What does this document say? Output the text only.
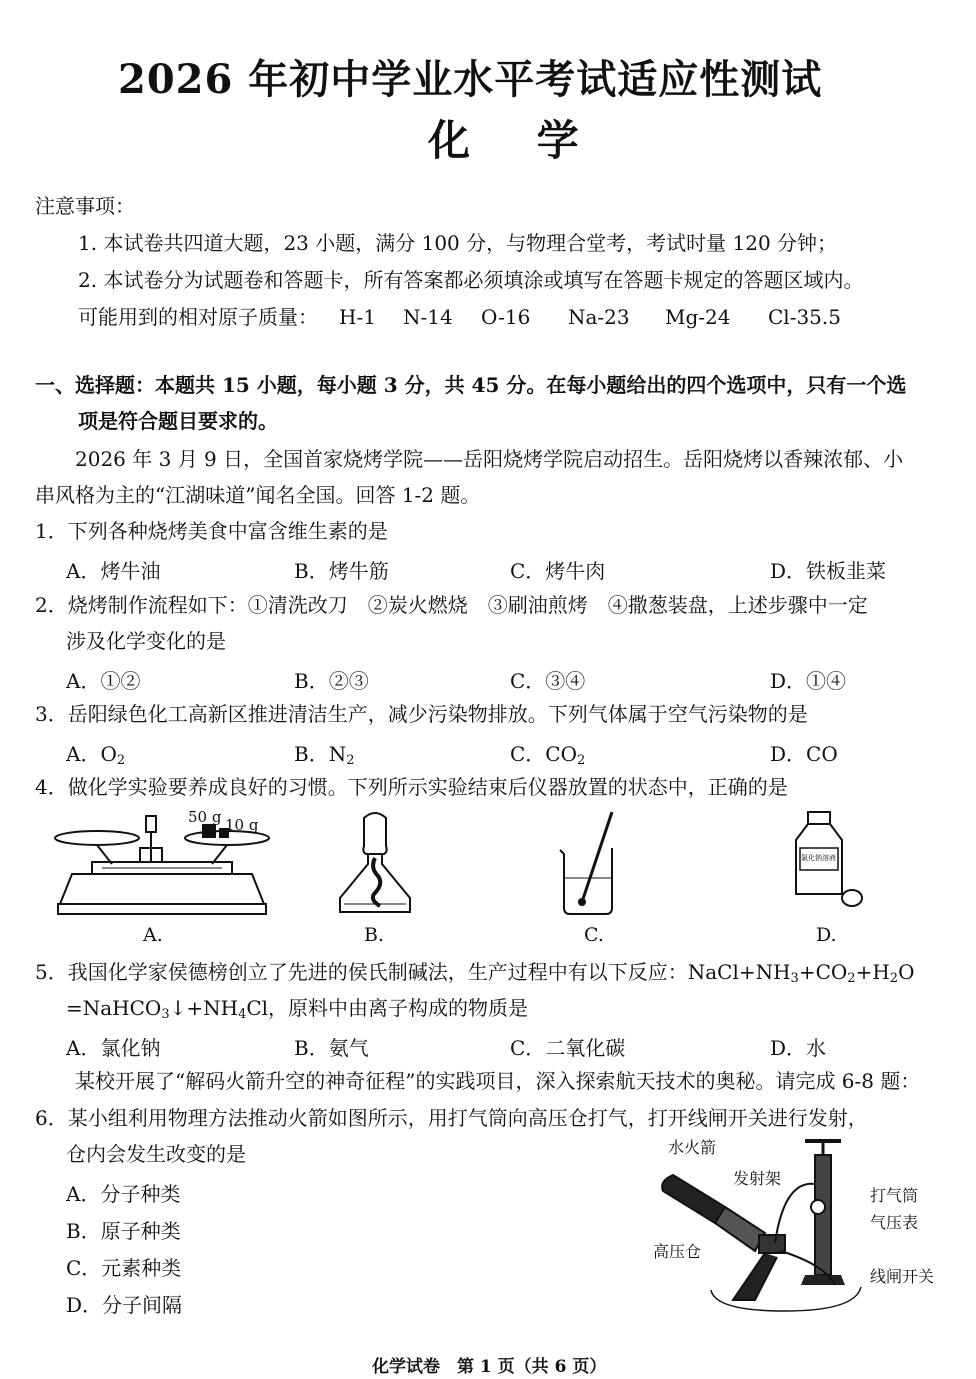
2026 年初中学业水平考试适应性测试
化 学
注意事项：
1. 本试卷共四道大题，23 小题，满分 100 分，与物理合堂考，考试时量 120 分钟；
2. 本试卷分为试题卷和答题卡，所有答案都必须填涂或填写在答题卡规定的答题区域内。
可能用到的相对原子质量： H-1 N-14 O-16 Na-23 Mg-24 Cl-35.5
一、选择题：本题共 15 小题，每小题 3 分，共 45 分。在每小题给出的四个选项中，只有一个选
项是符合题目要求的。
2026 年 3 月 9 日，全国首家烧烤学院——岳阳烧烤学院启动招生。岳阳烧烤以香辣浓郁、小
串风格为主的“江湖味道”闻名全国。回答 1-2 题。
1．下列各种烧烤美食中富含维生素的是
A．烤牛油	B．烤牛筋	C．烤牛肉	D．铁板韭菜
2．烧烤制作流程如下：①清洗改刀　②炭火燃烧　③刷油煎烤　④撒葱装盘，上述步骤中一定
涉及化学变化的是
A．①②	B．②③	C．③④	D．①④
3．岳阳绿色化工高新区推进清洁生产，减少污染物排放。下列气体属于空气污染物的是
A．$O_2$	B．$N_2$	C．$CO_2$	D．CO
4．做化学实验要养成良好的习惯。下列所示实验结束后仪器放置的状态中，正确的是
50 g 10 g
氯化钠溶液
A.	B.	C.	D.
5．我国化学家侯德榜创立了先进的侯氏制碱法，生产过程中有以下反应：$NaCl+NH_3+CO_2+H_2O$
$=NaHCO_3↓+NH_4Cl$，原料中由离子构成的物质是
A．氯化钠	B．氨气	C．二氧化碳	D．水
某校开展了“解码火箭升空的神奇征程”的实践项目，深入探索航天技术的奥秘。请完成 6-8 题：
6．某小组利用物理方法推动火箭如图所示，用打气筒向高压仓打气，打开线闸开关进行发射，
仓内会发生改变的是
A．分子种类
B．原子种类
C．元素种类
D．分子间隔
水火箭
发射架
打气筒
气压表
高压仓
线闸开关
化学试卷　第 1 页（共 6 页）
